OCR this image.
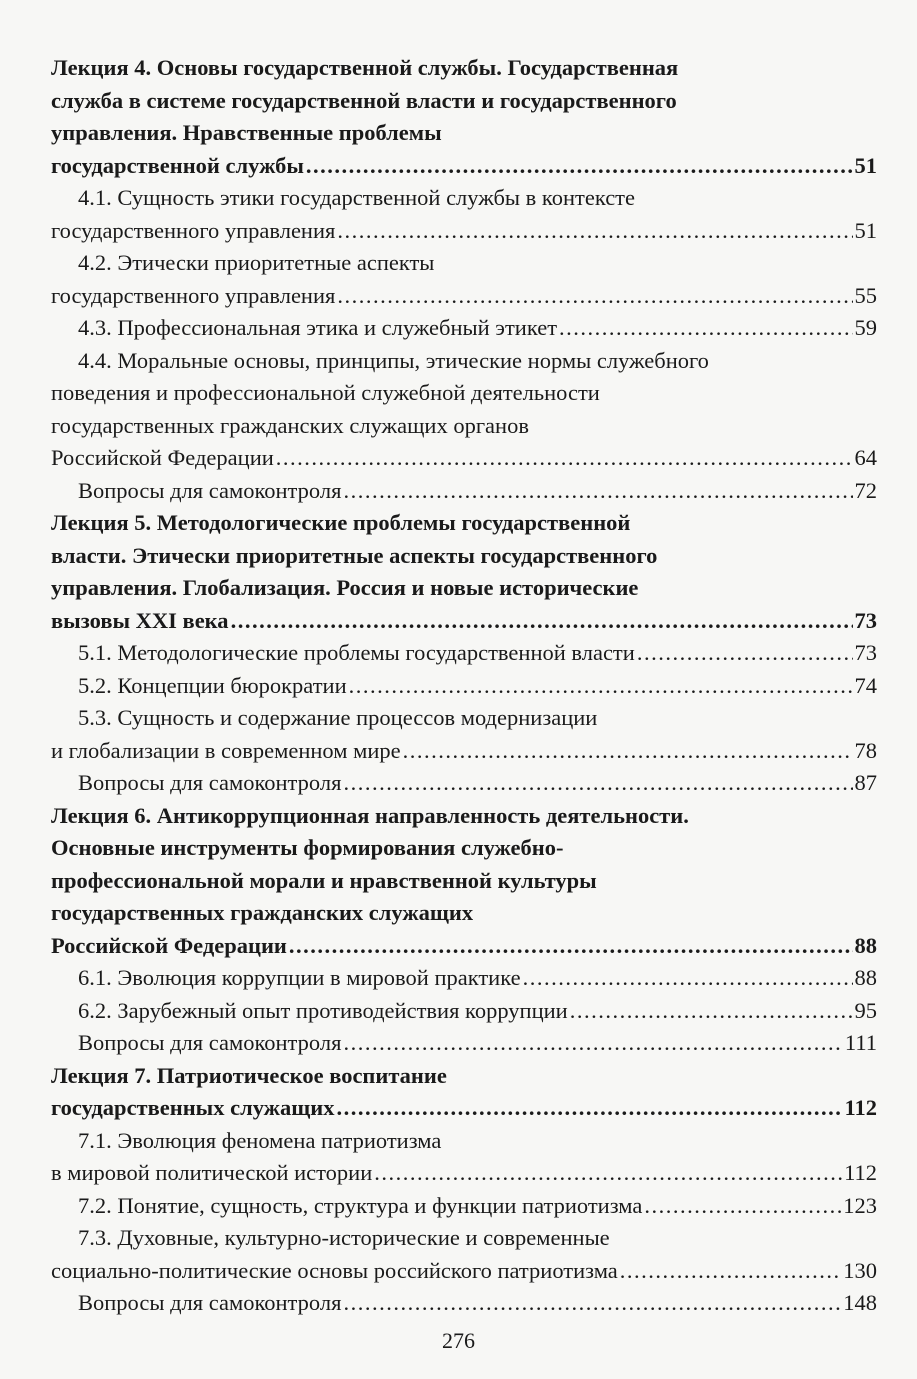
Лекция 4. Основы государственной службы. Государственная
служба в системе государственной власти и государственного
управления. Нравственные проблемы
государственной службы .....	51
4.1. Сущность этики государственной службы в контексте
государственного управления .....	51
4.2. Этически приоритетные аспекты
государственного управления .....	55
4.3. Профессиональная этика и служебный этикет .....	59
4.4. Моральные основы, принципы, этические нормы служебного
поведения и профессиональной служебной деятельности
государственных гражданских служащих органов
Российской Федерации .....	64
Вопросы для самоконтроля .....	72
Лекция 5. Методологические проблемы государственной
власти. Этически приоритетные аспекты государственного
управления. Глобализация. Россия и новые исторические
вызовы XXI века .....	73
5.1. Методологические проблемы государственной власти .....	73
5.2. Концепции бюрократии .....	74
5.3. Сущность и содержание процессов модернизации
и глобализации в современном мире .....	78
Вопросы для самоконтроля .....	87
Лекция 6. Антикоррупционная направленность деятельности.
Основные инструменты формирования служебно-
профессиональной морали и нравственной культуры
государственных гражданских служащих
Российской Федерации .....	88
6.1. Эволюция коррупции в мировой практике .....	88
6.2. Зарубежный опыт противодействия коррупции .....	95
Вопросы для самоконтроля .....	111
Лекция 7. Патриотическое воспитание
государственных служащих .....	112
7.1. Эволюция феномена патриотизма
в мировой политической истории .....	112
7.2. Понятие, сущность, структура и функции патриотизма .....	123
7.3. Духовные, культурно-исторические и современные
социально-политические основы российского патриотизма .....	130
Вопросы для самоконтроля .....	148
276
